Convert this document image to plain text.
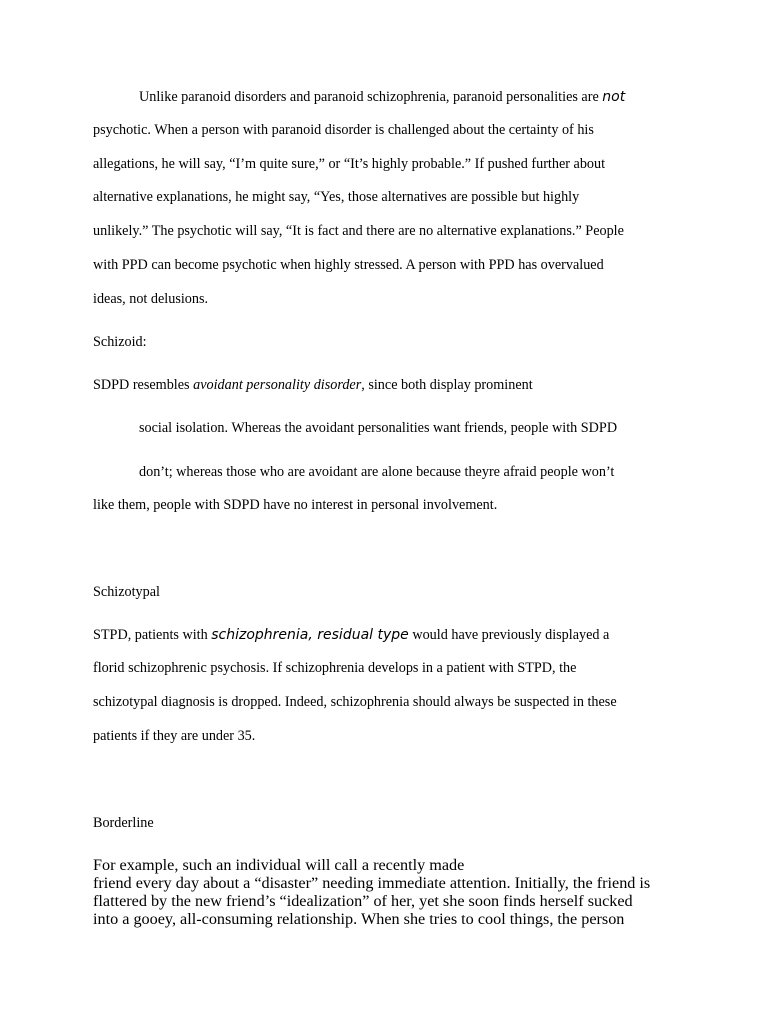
Unlike paranoid disorders and paranoid schizophrenia, paranoid personalities are not
psychotic. When a person with paranoid disorder is challenged about the certainty of his
allegations, he will say, “I’m quite sure,” or “It’s highly probable.” If pushed further about
alternative explanations, he might say, “Yes, those alternatives are possible but highly
unlikely.” The psychotic will say, “It is fact and there are no alternative explanations.” People
with PPD can become psychotic when highly stressed. A person with PPD has overvalued
ideas, not delusions.
Schizoid:
SDPD resembles avoidant personality disorder, since both display prominent
social isolation. Whereas the avoidant personalities want friends, people with SDPD
don’t; whereas those who are avoidant are alone because theyre afraid people won’t
like them, people with SDPD have no interest in personal involvement.
Schizotypal
STPD, patients with schizophrenia, residual type would have previously displayed a
florid schizophrenic psychosis. If schizophrenia develops in a patient with STPD, the
schizotypal diagnosis is dropped. Indeed, schizophrenia should always be suspected in these
patients if they are under 35.
Borderline
For example, such an individual will call a recently made
friend every day about a “disaster” needing immediate attention. Initially, the friend is
flattered by the new friend’s “idealization” of her, yet she soon finds herself sucked
into a gooey, all-consuming relationship. When she tries to cool things, the person
